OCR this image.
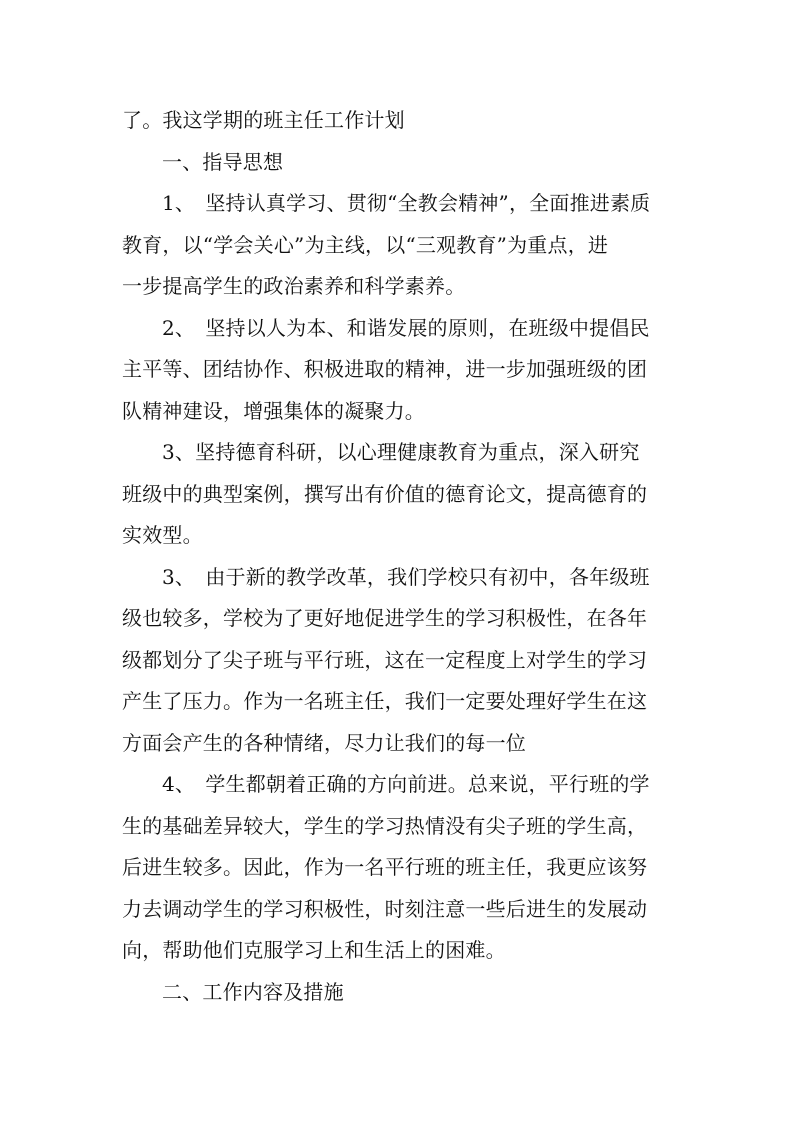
了。我这学期的班主任工作计划
一、指导思想
1、　坚持认真学习、贯彻“全教会精神”，全面推进素质
教育，以“学会关心”为主线，以“三观教育”为重点，进
一步提高学生的政治素养和科学素养。
2、　坚持以人为本、和谐发展的原则，在班级中提倡民
主平等、团结协作、积极进取的精神，进一步加强班级的团
队精神建设，增强集体的凝聚力。
3、坚持德育科研，以心理健康教育为重点，深入研究
班级中的典型案例，撰写出有价值的德育论文，提高德育的
实效型。
3、　由于新的教学改革，我们学校只有初中，各年级班
级也较多，学校为了更好地促进学生的学习积极性，在各年
级都划分了尖子班与平行班，这在一定程度上对学生的学习
产生了压力。作为一名班主任，我们一定要处理好学生在这
方面会产生的各种情绪，尽力让我们的每一位
4、　学生都朝着正确的方向前进。总来说，平行班的学
生的基础差异较大，学生的学习热情没有尖子班的学生高，
后进生较多。因此，作为一名平行班的班主任，我更应该努
力去调动学生的学习积极性，时刻注意一些后进生的发展动
向，帮助他们克服学习上和生活上的困难。
二、工作内容及措施
